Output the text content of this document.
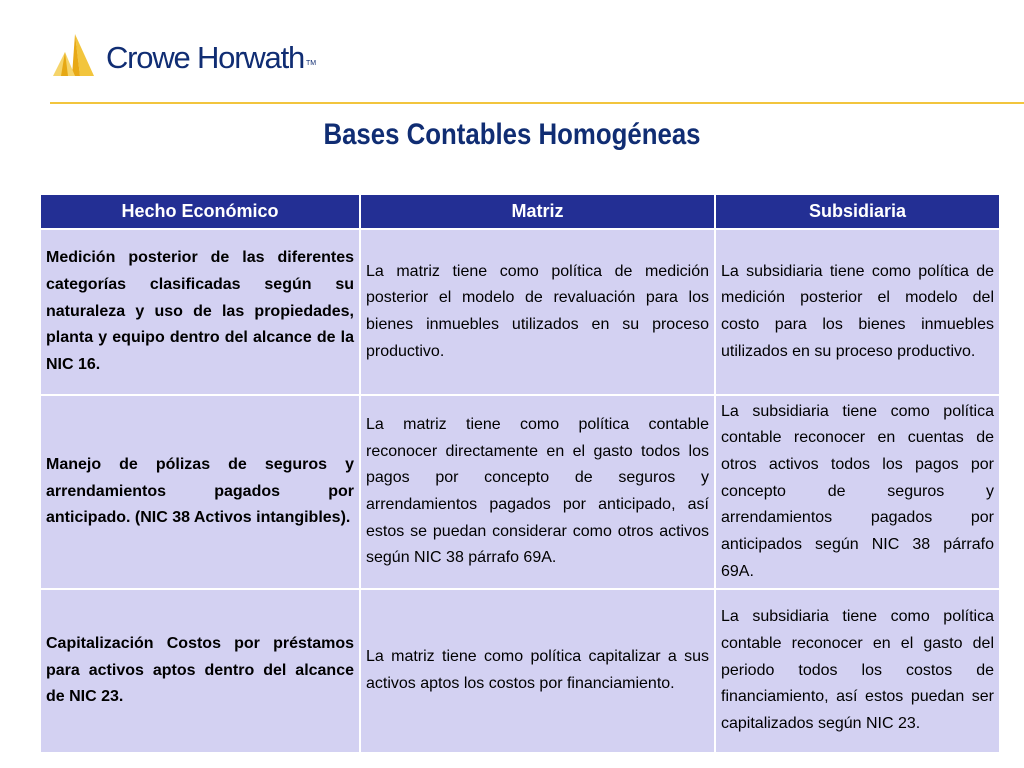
Crowe Horwath TM
Bases Contables Homogéneas
Hecho Económico	Matriz	Subsidiaria
Medición posterior de las diferentes categorías clasificadas según su naturaleza y uso de las propiedades, planta y equipo dentro del alcance de la NIC 16.	La matriz tiene como política de medición posterior el modelo de revaluación para los bienes inmuebles utilizados en su proceso productivo.	La subsidiaria tiene como política de medición posterior el modelo del costo para los bienes inmuebles utilizados en su proceso productivo.
Manejo de pólizas de seguros y arrendamientos pagados por anticipado. (NIC 38 Activos intangibles).	La matriz tiene como política contable reconocer directamente en el gasto todos los pagos por concepto de seguros y arrendamientos pagados por anticipado, así estos se puedan considerar como otros activos según NIC 38 párrafo 69A.	La subsidiaria tiene como política contable reconocer en cuentas de otros activos todos los pagos por concepto de seguros y arrendamientos pagados por anticipados según NIC 38 párrafo 69A.
Capitalización Costos por préstamos para activos aptos dentro del alcance de NIC 23.	La matriz tiene como política capitalizar a sus activos aptos los costos por financiamiento.	La subsidiaria tiene como política contable reconocer en el gasto del periodo todos los costos de financiamiento, así estos puedan ser capitalizados según NIC 23.
